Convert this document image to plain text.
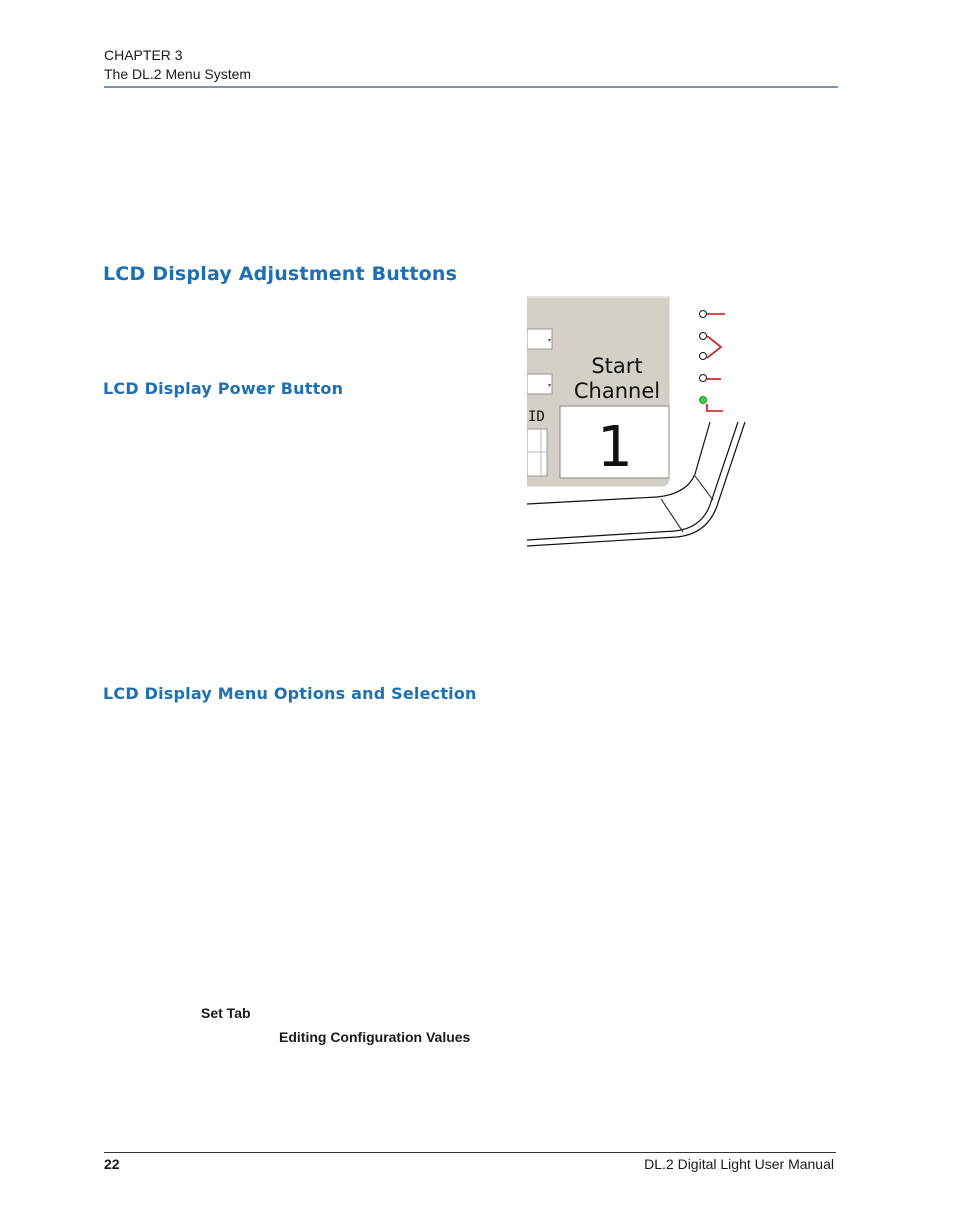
CHAPTER 3
The DL.2 Menu System
LCD Display Adjustment Buttons
LCD Display Power Button
LCD Display Menu Options and Selection
▾
▾
ID
Start
Channel
1
Set Tab
Editing Configuration Values
22	DL.2 Digital Light User Manual
